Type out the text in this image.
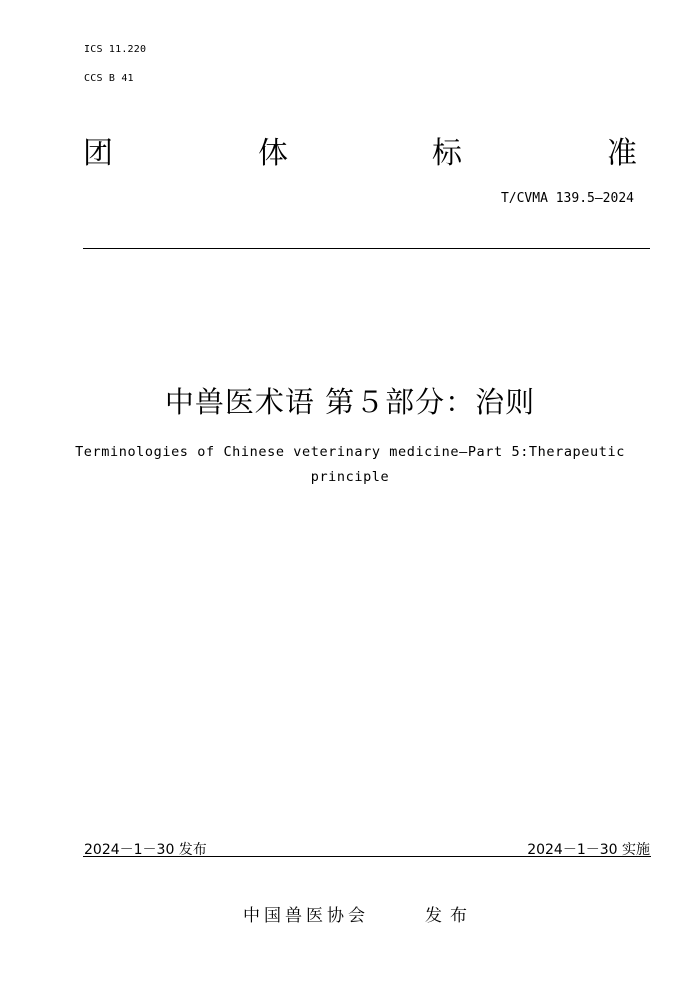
ICS 11.220
CCS B 41
团	体	标	准
T/CVMA 139.5—2024
中兽医术语 第５部分：治则
Terminologies of Chinese veterinary medicine—Part 5:Therapeutic
principle
2024－1－30 发布	2024－1－30 实施
中国兽医协会	发布
